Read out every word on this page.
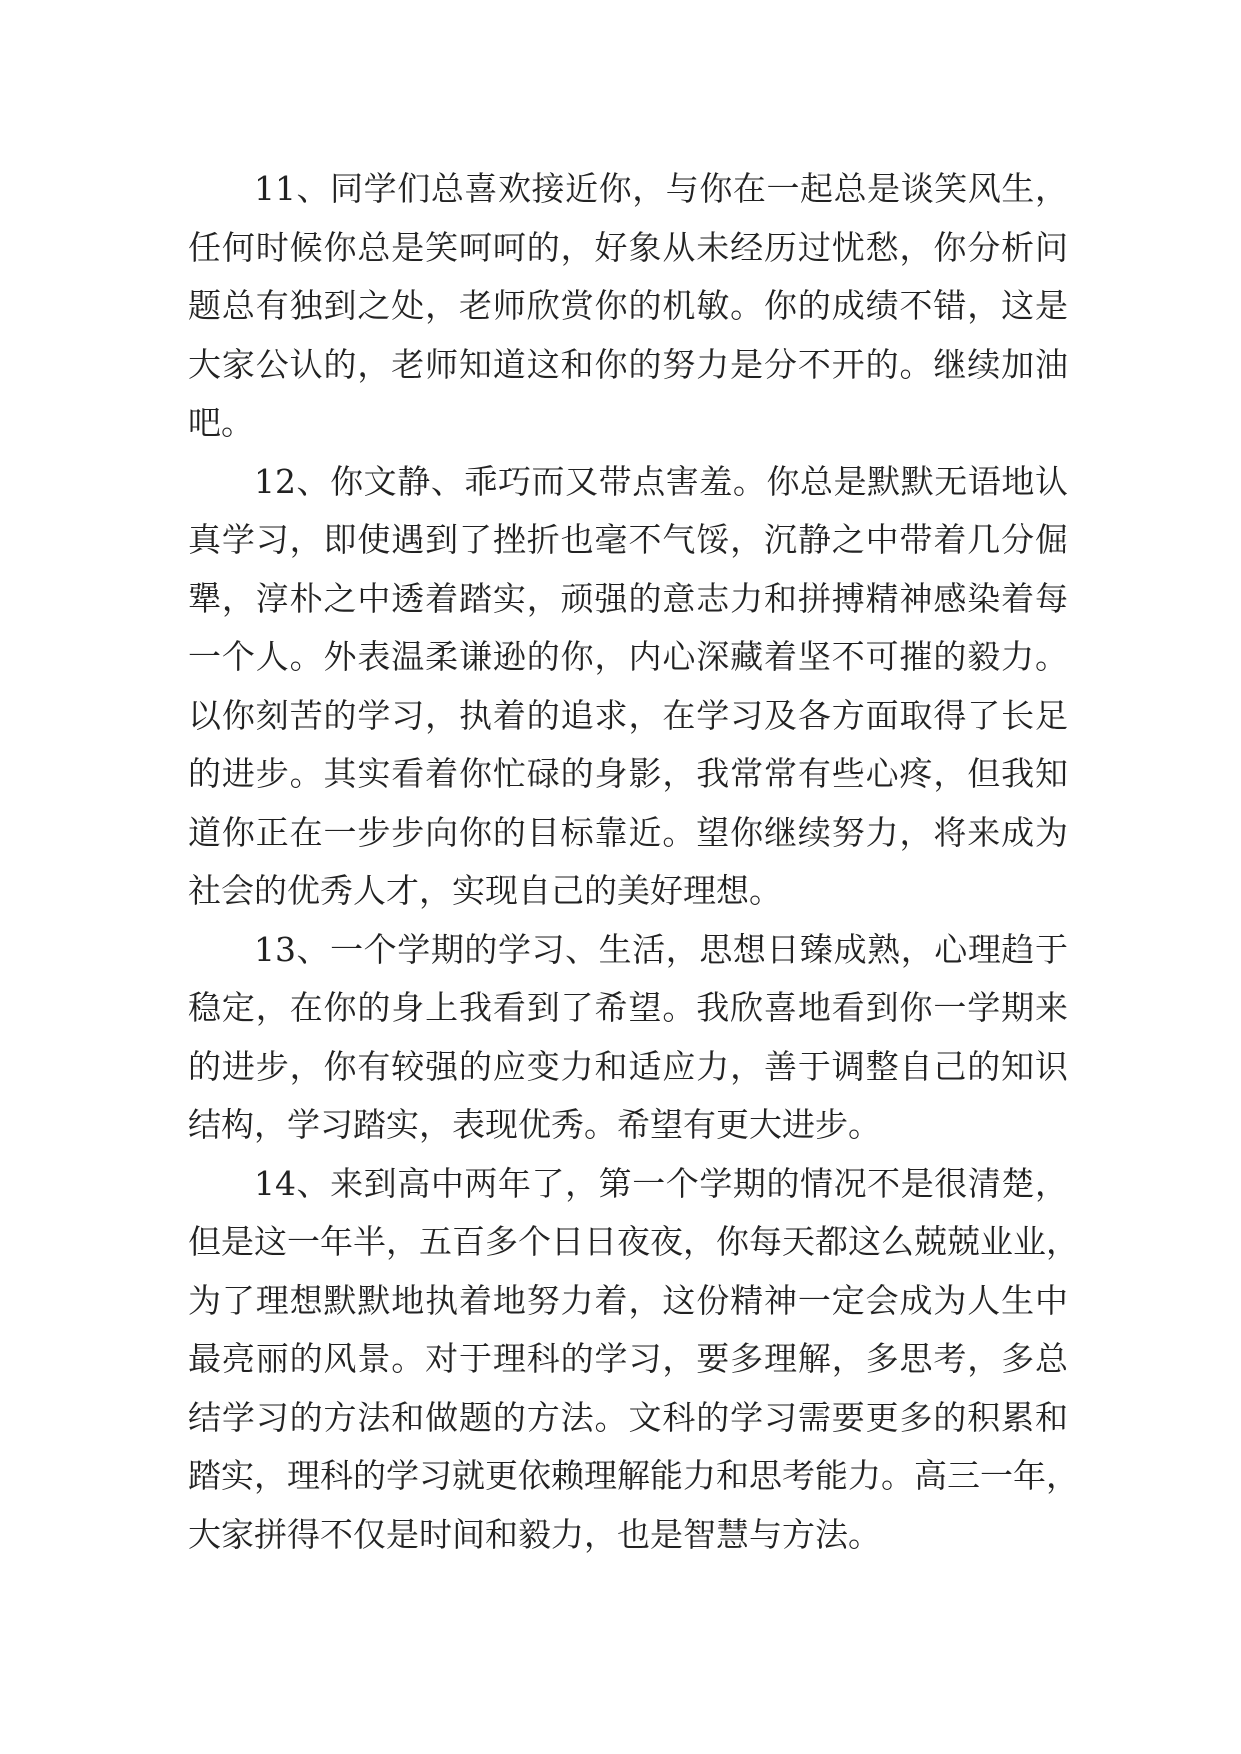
11、同学们总喜欢接近你，与你在一起总是谈笑风生，
任何时候你总是笑呵呵的，好象从未经历过忧愁，你分析问
题总有独到之处，老师欣赏你的机敏。你的成绩不错，这是
大家公认的，老师知道这和你的努力是分不开的。继续加油
吧。
12、你文静、乖巧而又带点害羞。你总是默默无语地认
真学习，即使遇到了挫折也毫不气馁，沉静之中带着几分倔
犟，淳朴之中透着踏实，顽强的意志力和拼搏精神感染着每
一个人。外表温柔谦逊的你，内心深藏着坚不可摧的毅力。
以你刻苦的学习，执着的追求，在学习及各方面取得了长足
的进步。其实看着你忙碌的身影，我常常有些心疼，但我知
道你正在一步步向你的目标靠近。望你继续努力，将来成为
社会的优秀人才，实现自己的美好理想。
13、一个学期的学习、生活，思想日臻成熟，心理趋于
稳定，在你的身上我看到了希望。我欣喜地看到你一学期来
的进步，你有较强的应变力和适应力，善于调整自己的知识
结构，学习踏实，表现优秀。希望有更大进步。
14、来到高中两年了，第一个学期的情况不是很清楚，
但是这一年半，五百多个日日夜夜，你每天都这么兢兢业业，
为了理想默默地执着地努力着，这份精神一定会成为人生中
最亮丽的风景。对于理科的学习，要多理解，多思考，多总
结学习的方法和做题的方法。文科的学习需要更多的积累和
踏实，理科的学习就更依赖理解能力和思考能力。高三一年，
大家拼得不仅是时间和毅力，也是智慧与方法。
